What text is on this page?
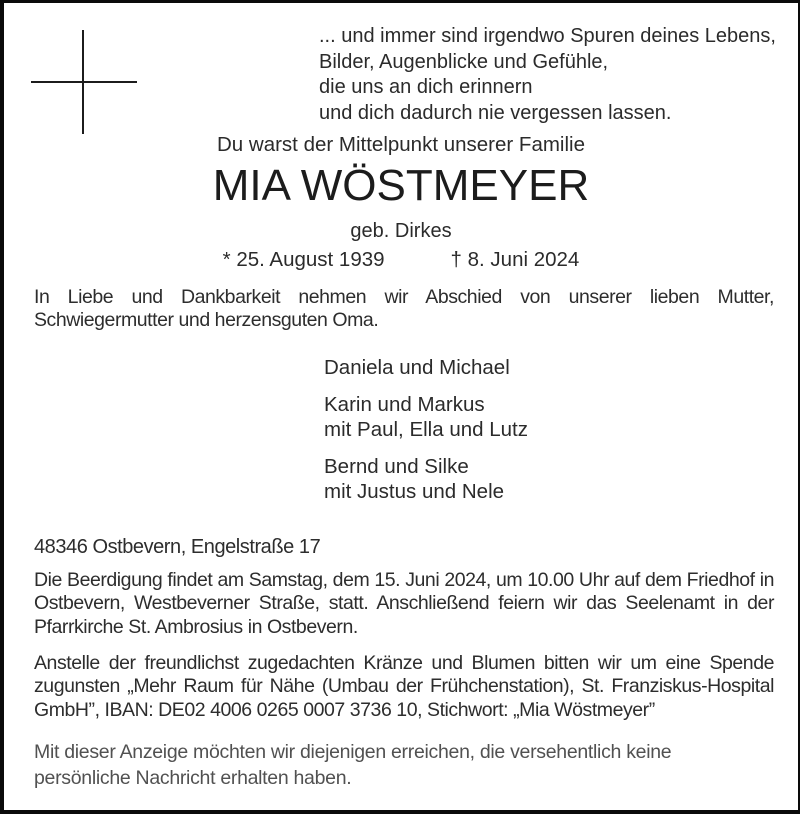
... und immer sind irgendwo Spuren deines Lebens,
Bilder, Augenblicke und Gefühle,
die uns an dich erinnern
und dich dadurch nie vergessen lassen.
Du warst der Mittelpunkt unserer Familie
MIA WÖSTMEYER
geb. Dirkes
* 25. August 1939	† 8. Juni 2024

In Liebe und Dankbarkeit nehmen wir Abschied von unserer lieben Mutter, Schwiegermutter und herzensguten Oma.

Daniela und Michael
Karin und Markus
mit Paul, Ella und Lutz
Bernd und Silke
mit Justus und Nele
48346 Ostbevern, Engelstraße 17

Die Beerdigung findet am Samstag, dem 15. Juni 2024, um 10.00 Uhr auf dem Friedhof in Ostbevern, Westbeverner Straße, statt. Anschließend feiern wir das Seelenamt in der Pfarrkirche St. Ambrosius in Ostbevern.

Anstelle der freundlichst zugedachten Kränze und Blumen bitten wir um eine Spende zugunsten „Mehr Raum für Nähe (Umbau der Frühchenstation), St. Franziskus-Hospital GmbH”, IBAN: DE02 4006 0265 0007 3736 10, Stichwort: „Mia Wöstmeyer”

Mit dieser Anzeige möchten wir diejenigen erreichen, die versehentlich keine persönliche Nachricht erhalten haben.
